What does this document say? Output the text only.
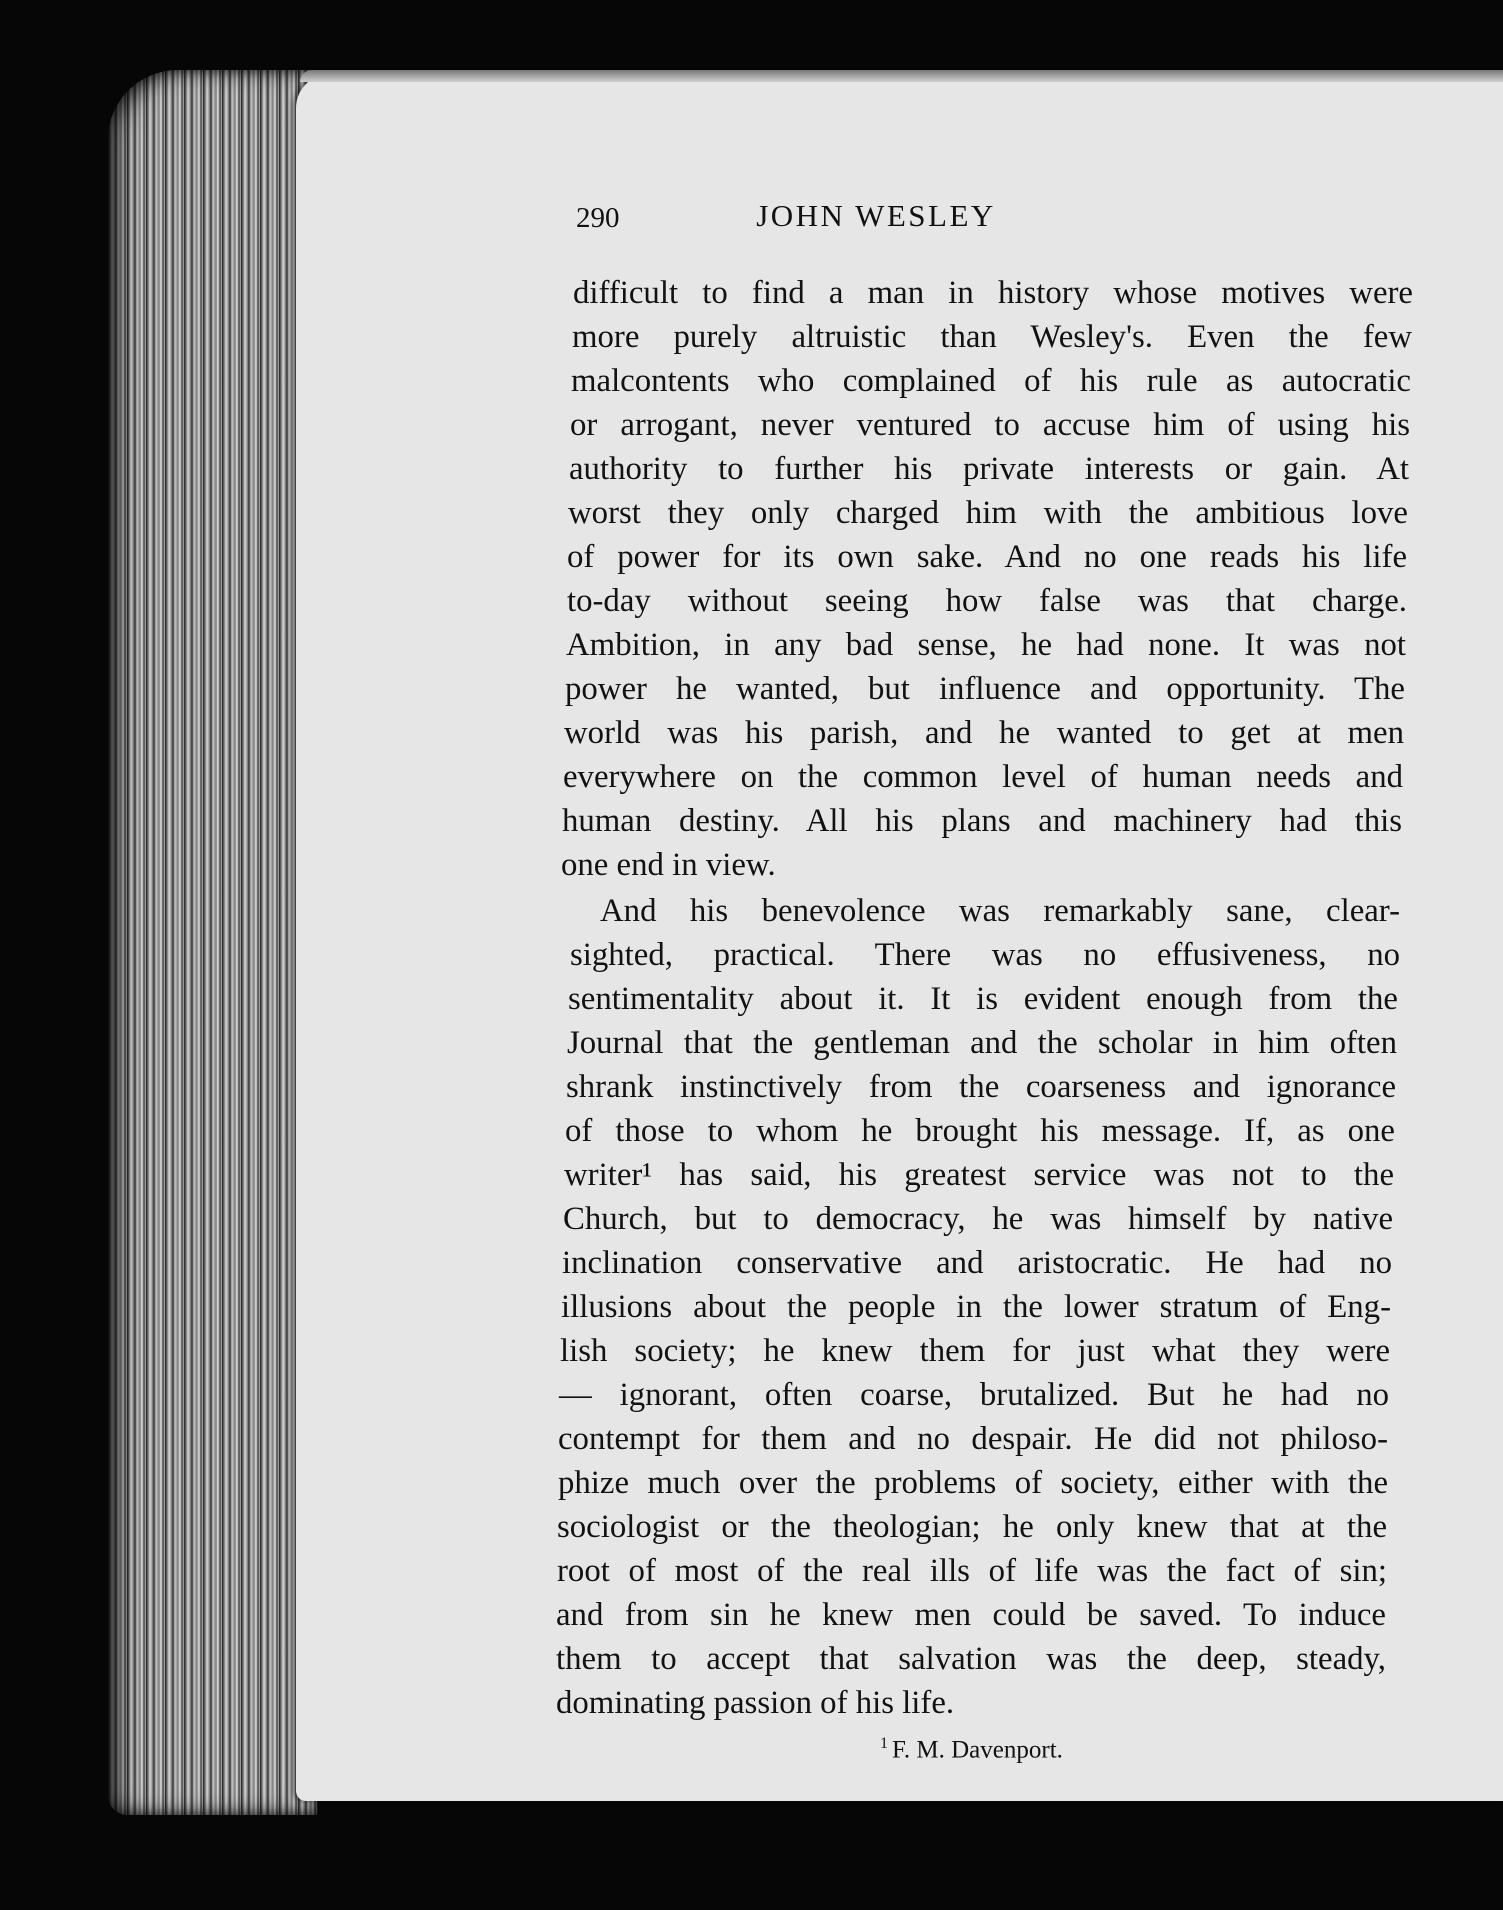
290	JOHN WESLEY
difficult to find a man in history whose motives were
more purely altruistic than Wesley's. Even the few
malcontents who complained of his rule as autocratic
or arrogant, never ventured to accuse him of using his
authority to further his private interests or gain. At
worst they only charged him with the ambitious love
of power for its own sake. And no one reads his life
to-day without seeing how false was that charge.
Ambition, in any bad sense, he had none. It was not
power he wanted, but influence and opportunity. The
world was his parish, and he wanted to get at men
everywhere on the common level of human needs and
human destiny. All his plans and machinery had this
one end in view.
And his benevolence was remarkably sane, clear-
sighted, practical. There was no effusiveness, no
sentimentality about it. It is evident enough from the
Journal that the gentleman and the scholar in him often
shrank instinctively from the coarseness and ignorance
of those to whom he brought his message. If, as one
writer¹ has said, his greatest service was not to the
Church, but to democracy, he was himself by native
inclination conservative and aristocratic. He had no
illusions about the people in the lower stratum of Eng-
lish society; he knew them for just what they were
— ignorant, often coarse, brutalized. But he had no
contempt for them and no despair. He did not philoso-
phize much over the problems of society, either with the
sociologist or the theologian; he only knew that at the
root of most of the real ills of life was the fact of sin;
and from sin he knew men could be saved. To induce
them to accept that salvation was the deep, steady,
dominating passion of his life.
$^1$ F. M. Davenport.
